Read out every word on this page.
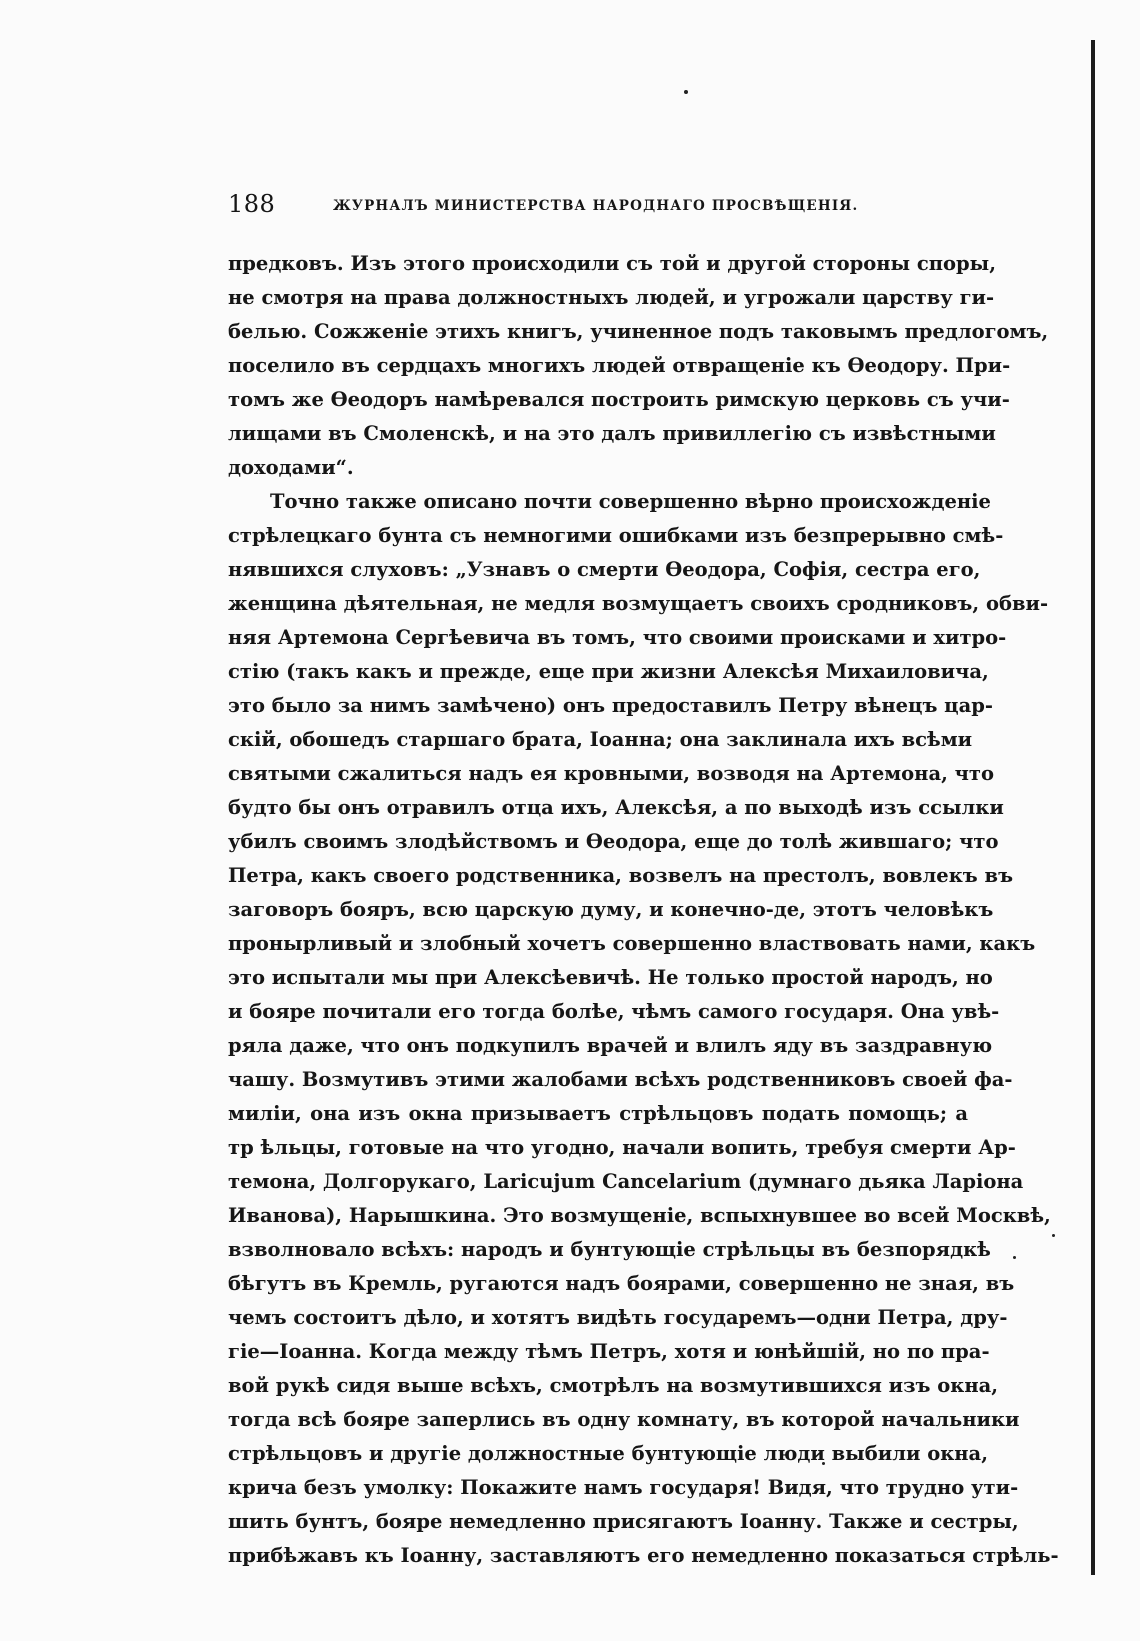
188	ЖУРНАЛЪ МИНИСТЕРСТВА НАРОДНАГО ПРОСВѢЩЕНІЯ.
предковъ. Изъ этого происходили съ той и другой стороны споры,
не смотря на права должностныхъ людей, и угрожали царству ги-
белью. Сожженіе этихъ книгъ, учиненное подъ таковымъ предлогомъ,
поселило въ сердцахъ многихъ людей отвращеніе къ Ѳеодору. При-
томъ же Ѳеодоръ намѣревался построить римскую церковь съ учи-
лищами въ Смоленскѣ, и на это далъ привиллегію съ извѣстными
доходами“.
Точно также описано почти совершенно вѣрно происхожденіе
стрѣлецкаго бунта съ немногими ошибками изъ безпрерывно смѣ-
нявшихся слуховъ: „Узнавъ о смерти Ѳеодора, Софія, сестра его,
женщина дѣятельная, не медля возмущаетъ своихъ сродниковъ, обви-
няя Артемона Сергѣевича въ томъ, что своими происками и хитро-
стію (такъ какъ и прежде, еще при жизни Алексѣя Михаиловича,
это было за нимъ замѣчено) онъ предоставилъ Петру вѣнецъ цар-
скій, обошедъ старшаго брата, Іоанна; она заклинала ихъ всѣми
святыми сжалиться надъ ея кровными, возводя на Артемона, что
будто бы онъ отравилъ отца ихъ, Алексѣя, а по выходѣ изъ ссылки
убилъ своимъ злодѣйствомъ и Ѳеодора, еще до толѣ жившаго; что
Петра, какъ своего родственника, возвелъ на престолъ, вовлекъ въ
заговоръ бояръ, всю царскую думу, и конечно-де, этотъ человѣкъ
пронырливый и злобный хочетъ совершенно властвовать нами, какъ
это испытали мы при Алексѣевичѣ. Не только простой народъ, но
и бояре почитали его тогда болѣе, чѣмъ самого государя. Она увѣ-
ряла даже, что онъ подкупилъ врачей и влилъ яду въ заздравную
чашу. Возмутивъ этими жалобами всѣхъ родственниковъ своей фа-
миліи, она изъ окна призываетъ стрѣльцовъ подать помощь; а
тр ѣльцы, готовые на что угодно, начали вопить, требуя смерти Ар-
темона, Долгорукаго, Laricujum Cancelarium (думнаго дьяка Ларіона
Иванова), Нарышкина. Это возмущеніе, вспыхнувшее во всей Москвѣ,
взволновало всѣхъ: народъ и бунтующіе стрѣльцы въ безпорядкѣ
бѣгутъ въ Кремль, ругаются надъ боярами, совершенно не зная, въ
чемъ состоитъ дѣло, и хотятъ видѣть государемъ—одни Петра, дру-
гіе—Іоанна. Когда между тѣмъ Петръ, хотя и юнѣйшій, но по пра-
вой рукѣ сидя выше всѣхъ, смотрѣлъ на возмутившихся изъ окна,
тогда всѣ бояре заперлись въ одну комнату, въ которой начальники
стрѣльцовъ и другіе должностные бунтующіе люди выбили окна,
крича безъ умолку: Покажите намъ государя! Видя, что трудно ути-
шить бунтъ, бояре немедленно присягаютъ Іоанну. Также и сестры,
прибѣжавъ къ Іоанну, заставляютъ его немедленно показаться стрѣль-
